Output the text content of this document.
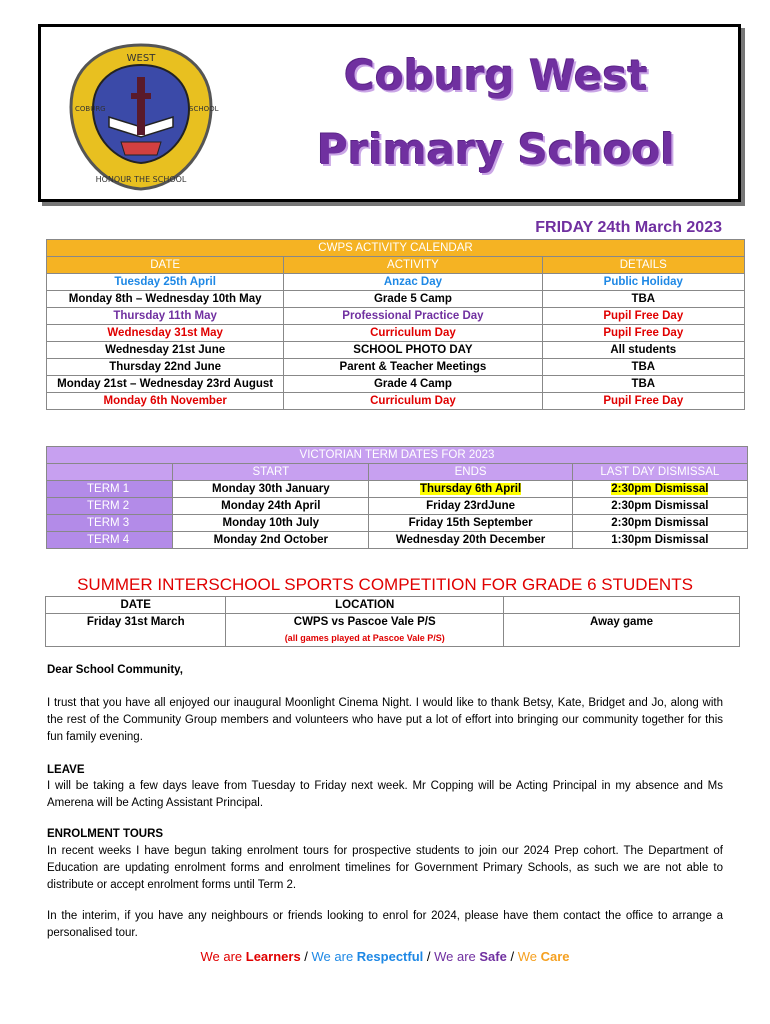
WEST
COBURG	SCHOOL
HONOUR THE SCHOOL
Coburg West
Primary School
FRIDAY 24th March 2023
CWPS ACTIVITY CALENDAR		
DATE	ACTIVITY	DETAILS
Tuesday 25th April	Anzac Day	Public Holiday
Monday 8th – Wednesday 10th May	Grade 5 Camp	TBA
Thursday 11th May	Professional Practice Day	Pupil Free Day
Wednesday 31st May	Curriculum Day	Pupil Free Day
Wednesday 21st June	SCHOOL PHOTO DAY	All students
Thursday 22nd June	Parent & Teacher Meetings	TBA
Monday 21st – Wednesday 23rd August	Grade 4 Camp	TBA
Monday 6th November	Curriculum Day	Pupil Free Day
VICTORIAN TERM DATES FOR 2023			
	START	ENDS	LAST DAY DISMISSAL
TERM 1	Monday 30th January	Thursday 6th April	2:30pm Dismissal
TERM 2	Monday 24th April	Friday 23rdJune	2:30pm Dismissal
TERM 3	Monday 10th July	Friday 15th September	2:30pm Dismissal
TERM 4	Monday 2nd October	Wednesday 20th December	1:30pm Dismissal
SUMMER INTERSCHOOL SPORTS COMPETITION FOR GRADE 6 STUDENTS
DATE	LOCATION	
Friday 31st March	CWPS vs Pascoe Vale P/S	Away game
	(all games played at Pascoe Vale P/S)	
Dear School Community,
I trust that you have all enjoyed our inaugural Moonlight Cinema Night. I would like to thank Betsy, Kate, Bridget and Jo, along with the rest of the Community Group members and volunteers who have put a lot of effort into bringing our community together for this fun family evening.
LEAVE
I will be taking a few days leave from Tuesday to Friday next week. Mr Copping will be Acting Principal in my absence and Ms Amerena will be Acting Assistant Principal.
ENROLMENT TOURS
In recent weeks I have begun taking enrolment tours for prospective students to join our 2024 Prep cohort. The Department of Education are updating enrolment forms and enrolment timelines for Government Primary Schools, as such we are not able to distribute or accept enrolment forms until Term 2.
In the interim, if you have any neighbours or friends looking to enrol for 2024, please have them contact the office to arrange a personalised tour.
We are Learners / We are Respectful / We are Safe / We Care
